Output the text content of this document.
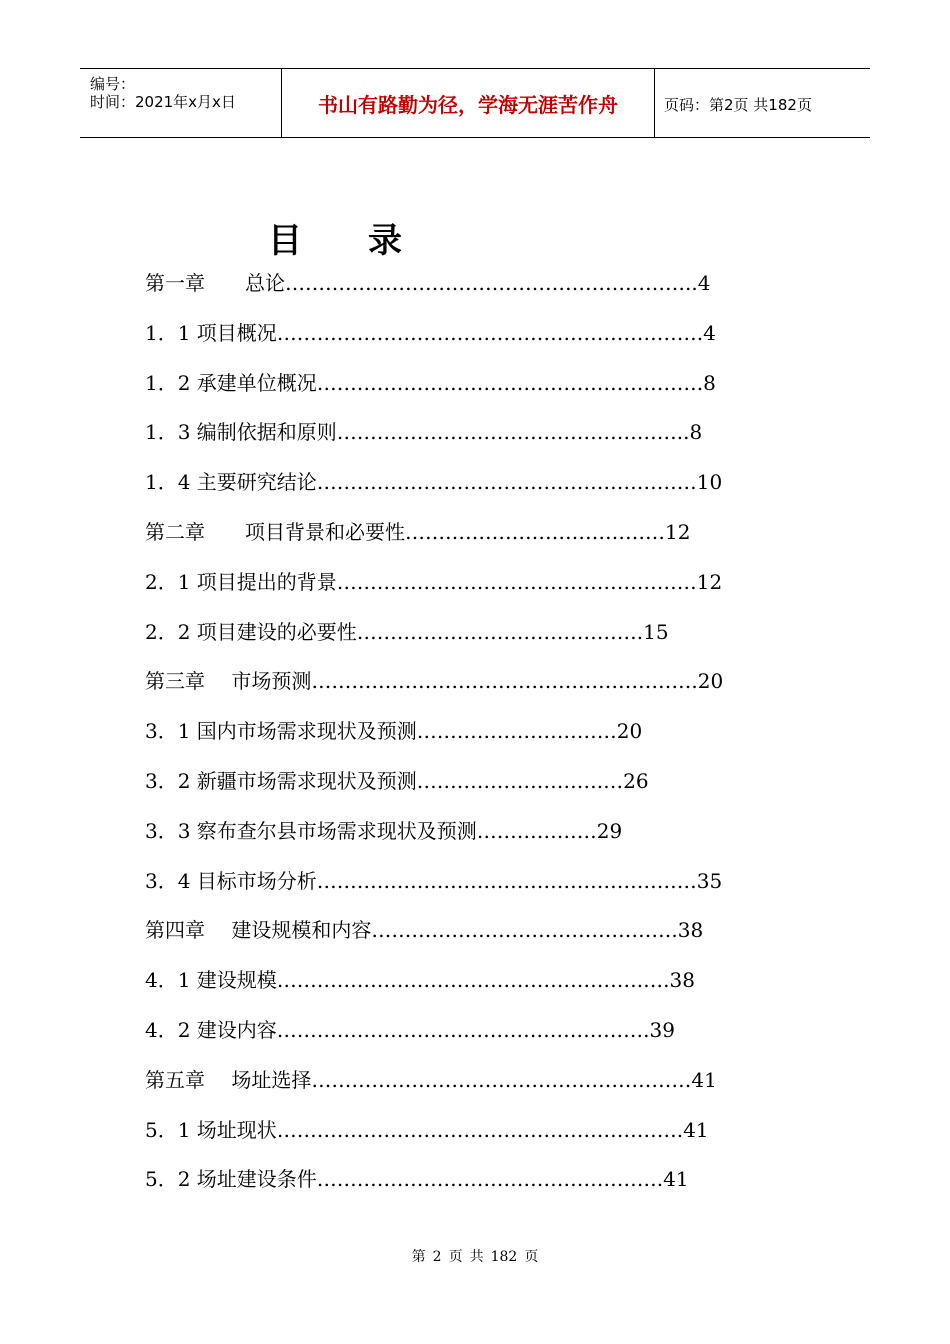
编号：
时间：2021年x月x日	书山有路勤为径，学海无涯苦作舟	页码：第2页 共182页
目 录
第一章　　总论……………………………………………………..4
1．1 项目概况……………………………………………………….4
1．2 承建单位概况………………………………………………….8
1．3 编制依据和原则……………………………………………..8
1．4 主要研究结论…………………………………………………10
第二章　　项目背景和必要性…………………………………12
2．1 项目提出的背景………………………………………………12
2．2 项目建设的必要性…………………………………….15
第三章　 市场预测………………………………………………….20
3．1 国内市场需求现状及预测…………………………20
3．2 新疆市场需求现状及预测……………………….…26
3．3 察布查尔县市场需求现状及预测………………29
3．4 目标市场分析…………………………………………………35
第四章　 建设规模和内容……………………………………….38
4．1 建设规模……………………………………………….….38
4．2 建设内容……………………….……………………….39
第五章　 场址选择…………………………………………………41
5．1 场址现状…………………………………………………….41
5．2 场址建设条件…………………………………………….41
第 2 页 共 182 页
